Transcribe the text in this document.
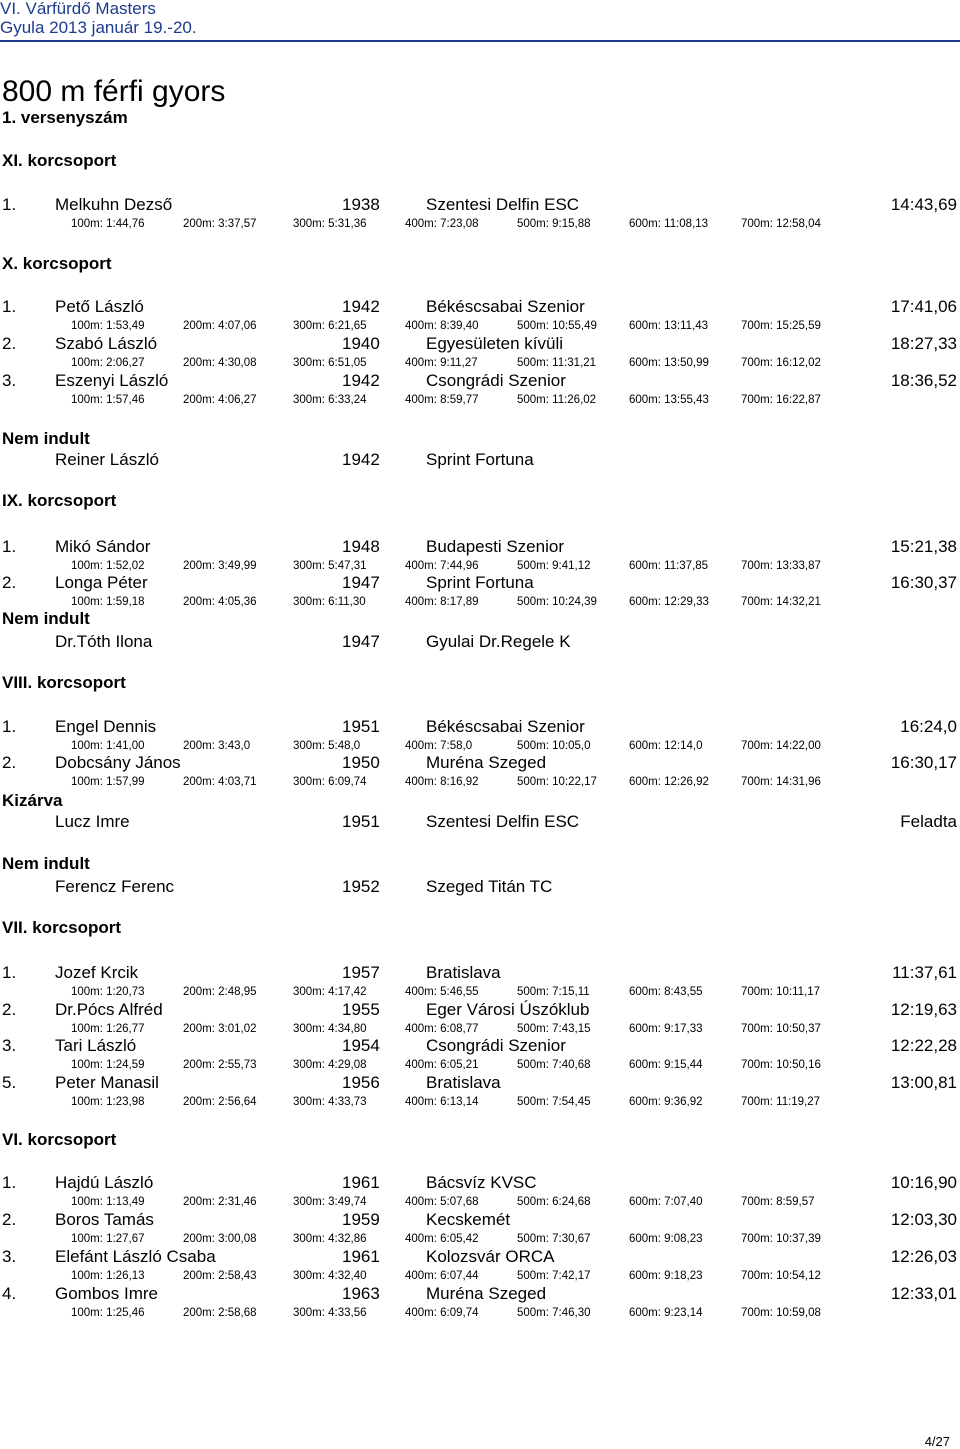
VI. Várfürdő Masters
Gyula 2013 január 19.-20.
800 m férfi gyors
1. versenyszám
XI. korcsoport
X. korcsoport
IX. korcsoport
VIII. korcsoport
VII. korcsoport
VI. korcsoport
Nem indult
Nem indult
Kizárva
Nem indult
1. Melkuhn Dezső	1938	Szentesi Delfin ESC	14:43,69
100m: 1:44,76	200m: 3:37,57	300m: 5:31,36	400m: 7:23,08	500m: 9:15,88	600m: 11:08,13	700m: 12:58,04
1. Pető László	1942	Békéscsabai Szenior	17:41,06
100m: 1:53,49	200m: 4:07,06	300m: 6:21,65	400m: 8:39,40	500m: 10:55,49	600m: 13:11,43	700m: 15:25,59
2. Szabó László	1940	Egyesületen kívüli	18:27,33
100m: 2:06,27	200m: 4:30,08	300m: 6:51,05	400m: 9:11,27	500m: 11:31,21	600m: 13:50,99	700m: 16:12,02
3. Eszenyi László	1942	Csongrádi Szenior	18:36,52
100m: 1:57,46	200m: 4:06,27	300m: 6:33,24	400m: 8:59,77	500m: 11:26,02	600m: 13:55,43	700m: 16:22,87
Reiner László	1942	Sprint Fortuna
1. Mikó Sándor	1948	Budapesti Szenior	15:21,38
100m: 1:52,02	200m: 3:49,99	300m: 5:47,31	400m: 7:44,96	500m: 9:41,12	600m: 11:37,85	700m: 13:33,87
2. Longa Péter	1947	Sprint Fortuna	16:30,37
100m: 1:59,18	200m: 4:05,36	300m: 6:11,30	400m: 8:17,89	500m: 10:24,39	600m: 12:29,33	700m: 14:32,21
Dr.Tóth Ilona	1947	Gyulai Dr.Regele K
1. Engel Dennis	1951	Békéscsabai Szenior	16:24,0
100m: 1:41,00	200m: 3:43,0	300m: 5:48,0	400m: 7:58,0	500m: 10:05,0	600m: 12:14,0	700m: 14:22,00
2. Dobcsány János	1950	Muréna Szeged	16:30,17
100m: 1:57,99	200m: 4:03,71	300m: 6:09,74	400m: 8:16,92	500m: 10:22,17	600m: 12:26,92	700m: 14:31,96
Lucz Imre	1951	Szentesi Delfin ESC	Feladta
Ferencz Ferenc	1952	Szeged Titán TC
1. Jozef Krcik	1957	Bratislava	11:37,61
100m: 1:20,73	200m: 2:48,95	300m: 4:17,42	400m: 5:46,55	500m: 7:15,11	600m: 8:43,55	700m: 10:11,17
2. Dr.Pócs Alfréd	1955	Eger Városi Úszóklub	12:19,63
100m: 1:26,77	200m: 3:01,02	300m: 4:34,80	400m: 6:08,77	500m: 7:43,15	600m: 9:17,33	700m: 10:50,37
3. Tari László	1954	Csongrádi Szenior	12:22,28
100m: 1:24,59	200m: 2:55,73	300m: 4:29,08	400m: 6:05,21	500m: 7:40,68	600m: 9:15,44	700m: 10:50,16
5. Peter Manasil	1956	Bratislava	13:00,81
100m: 1:23,98	200m: 2:56,64	300m: 4:33,73	400m: 6:13,14	500m: 7:54,45	600m: 9:36,92	700m: 11:19,27
1. Hajdú László	1961	Bácsvíz KVSC	10:16,90
100m: 1:13,49	200m: 2:31,46	300m: 3:49,74	400m: 5:07,68	500m: 6:24,68	600m: 7:07,40	700m: 8:59,57
2. Boros Tamás	1959	Kecskemét	12:03,30
100m: 1:27,67	200m: 3:00,08	300m: 4:32,86	400m: 6:05,42	500m: 7:30,67	600m: 9:08,23	700m: 10:37,39
3. Elefánt László Csaba	1961	Kolozsvár ORCA	12:26,03
100m: 1:26,13	200m: 2:58,43	300m: 4:32,40	400m: 6:07,44	500m: 7:42,17	600m: 9:18,23	700m: 10:54,12
4. Gombos Imre	1963	Muréna Szeged	12:33,01
100m: 1:25,46	200m: 2:58,68	300m: 4:33,56	400m: 6:09,74	500m: 7:46,30	600m: 9:23,14	700m: 10:59,08
4/27
